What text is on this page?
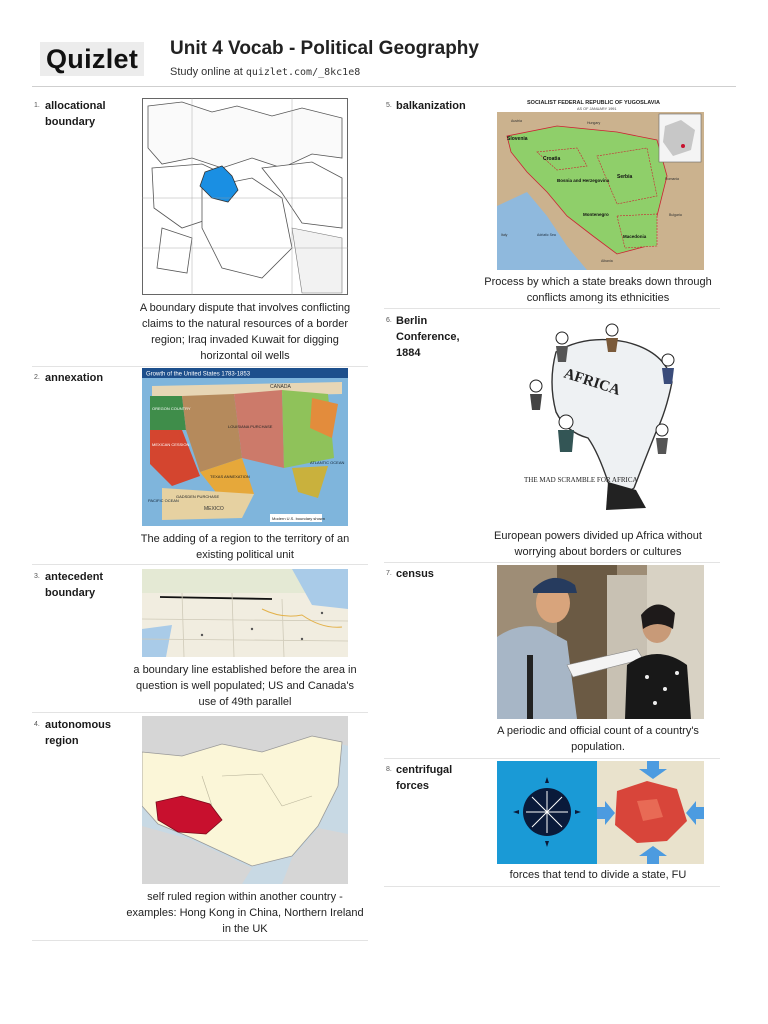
Quizlet	Unit 4 Vocab - Political Geography
Study online at quizlet.com/_8kc1e8
1. allocational boundary
A boundary dispute that involves conflicting claims to the natural resources of a border region; Iraq invaded Kuwait for digging horizontal oil wells
2. annexation	Growth of the United States 1783-1853
CANADA
MEXICO
PACIFIC OCEAN
ATLANTIC OCEAN
TEXAS ANNEXATION
LOUISIANA PURCHASE
OREGON COUNTRY
MEXICAN CESSION
GADSDEN PURCHASE
Modern U.S. boundary shown
The adding of a region to the territory of an existing political unit
3. antecedent boundary
a boundary line established before the area in question is well populated; US and Canada's use of 49th parallel
4. autonomous region
self ruled region within another country - examples: Hong Kong in China, Northern Ireland in the UK
5. balkanization	SOCIALIST FEDERAL REPUBLIC OF YUGOSLAVIA
AS OF JANUARY 1991
Slovenia
Croatia
Bosnia and Herzegovina
Serbia
Montenegro
Macedonia
Austria	Hungary
Romania
Bulgaria
Albania
Italy	Adriatic Sea
Process by which a state breaks down through conflicts among its ethnicities
6. Berlin Conference, 1884
AFRICA
THE MAD SCRAMBLE FOR AFRICA
European powers divided up Africa without worrying about borders or cultures
7. census
A periodic and official count of a country's population.
8. centrifugal forces
forces that tend to divide a state, FU
